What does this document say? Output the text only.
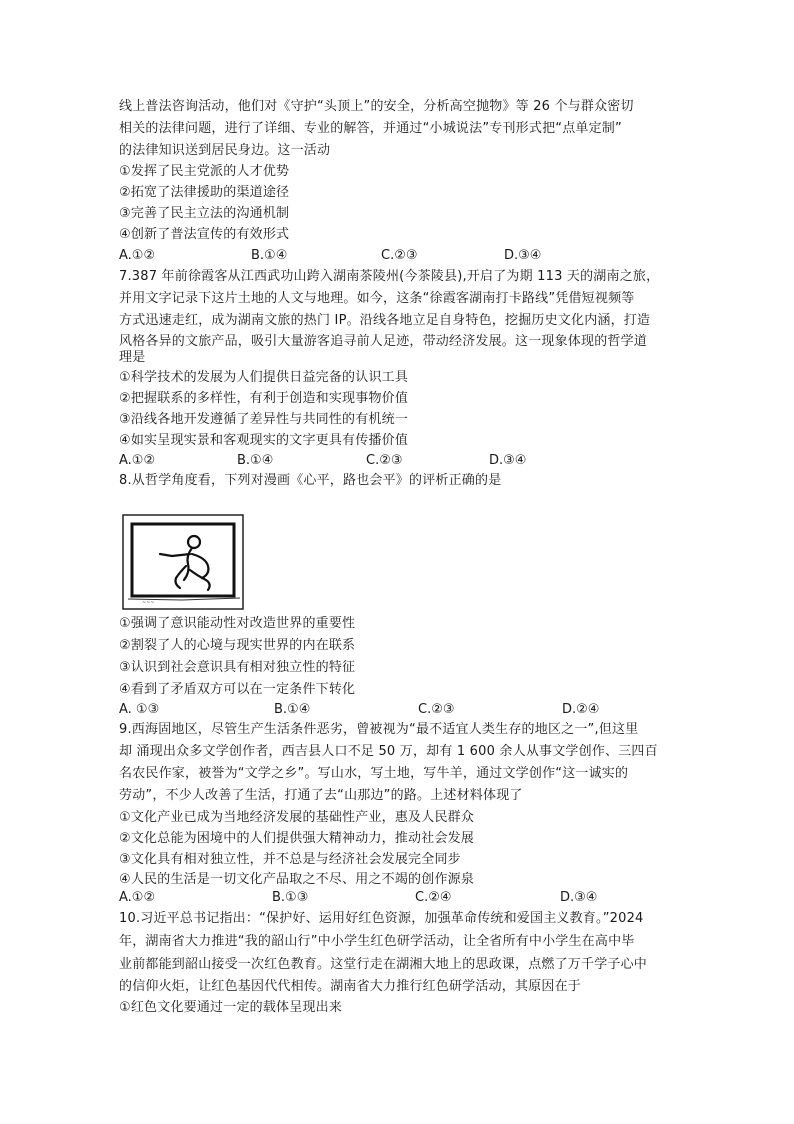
线上普法咨询活动，他们对《守护“头顶上”的安全，分析高空抛物》等 26 个与群众密切
相关的法律问题，进行了详细、专业的解答，并通过“小城说法”专刊形式把“点单定制”
的法律知识送到居民身边。这一活动
①发挥了民主党派的人才优势
②拓宽了法律援助的渠道途径
③完善了民主立法的沟通机制
④创新了普法宣传的有效形式
A.①②	B.①④	C.②③	D.③④
7.387 年前徐霞客从江西武功山跨入湖南茶陵州(今茶陵县),开启了为期 113 天的湖南之旅，
并用文字记录下这片土地的人文与地理。如今，这条“徐霞客湖南打卡路线”凭借短视频等
方式迅速走红，成为湖南文旅的热门 IP。沿线各地立足自身特色，挖掘历史文化内涵，打造
风格各异的文旅产品，吸引大量游客追寻前人足迹，带动经济发展。这一现象体现的哲学道
理是
①科学技术的发展为人们提供日益完备的认识工具
②把握联系的多样性，有利于创造和实现事物价值
③沿线各地开发遵循了差异性与共同性的有机统一
④如实呈现实景和客观现实的文字更具有传播价值
A.①②	B.①④	C.②③	D.③④
8.从哲学角度看，下列对漫画《心平，路也会平》的评析正确的是
~~~
①强调了意识能动性对改造世界的重要性
②割裂了人的心境与现实世界的内在联系
③认识到社会意识具有相对独立性的特征
④看到了矛盾双方可以在一定条件下转化
A. ①③	B.①④	C.②③	D.②④
9.西海固地区，尽管生产生活条件恶劣，曾被视为“最不适宜人类生存的地区之一”,但这里
却 涌现出众多文学创作者，西吉县人口不足 50 万，却有 1 600 余人从事文学创作、三四百
名农民作家，被誉为“文学之乡”。写山水，写土地，写牛羊，通过文学创作“这一诚实的
劳动”，不少人改善了生活，打通了去“山那边”的路。上述材料体现了
①文化产业已成为当地经济发展的基础性产业，惠及人民群众
②文化总能为困境中的人们提供强大精神动力，推动社会发展
③文化具有相对独立性，并不总是与经济社会发展完全同步
④人民的生活是一切文化产品取之不尽、用之不竭的创作源泉
A.①②	B.①③	C.②④	D.③④
10.习近平总书记指出：“保护好、运用好红色资源，加强革命传统和爱国主义教育。”2024
年，湖南省大力推进“我的韶山行”中小学生红色研学活动，让全省所有中小学生在高中毕
业前都能到韶山接受一次红色教育。这堂行走在湖湘大地上的思政课，点燃了万千学子心中
的信仰火炬，让红色基因代代相传。湖南省大力推行红色研学活动，其原因在于
①红色文化要通过一定的载体呈现出来
